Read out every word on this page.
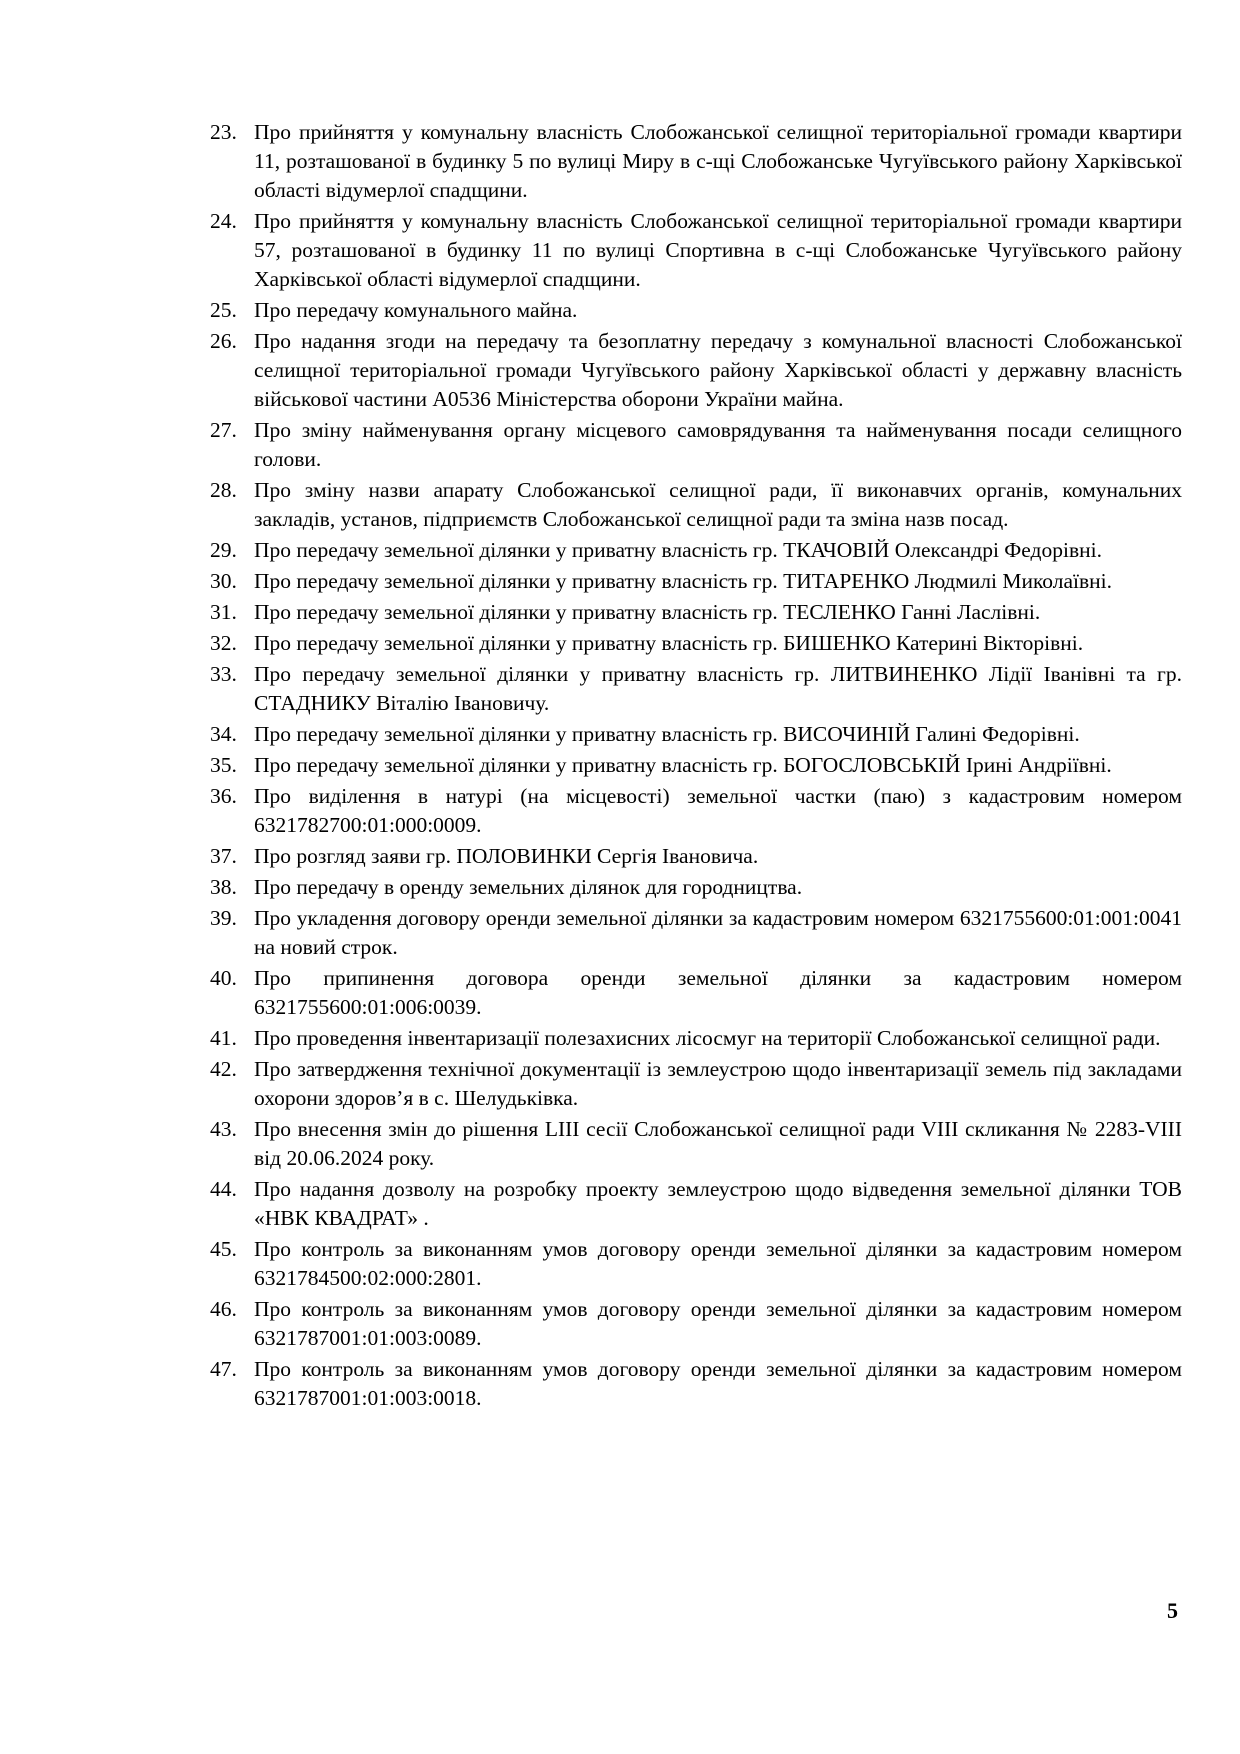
23. Про прийняття у комунальну власність Слобожанської селищної територіальної громади квартири 11, розташованої в будинку 5 по вулиці Миру в с-щі Слобожанське Чугуївського району Харківської області відумерлої спадщини.
24. Про прийняття у комунальну власність Слобожанської селищної територіальної громади квартири 57, розташованої в будинку 11 по вулиці Спортивна в с-щі Слобожанське Чугуївського району Харківської області відумерлої спадщини.
25. Про передачу комунального майна.
26. Про надання згоди на передачу та безоплатну передачу з комунальної власності Слобожанської селищної територіальної громади Чугуївського району Харківської області у державну власність військової частини А0536 Міністерства оборони України майна.
27. Про зміну найменування органу місцевого самоврядування та найменування посади селищного голови.
28. Про зміну назви апарату Слобожанської селищної ради, її виконавчих органів, комунальних закладів, установ, підприємств Слобожанської селищної ради та зміна назв посад.
29. Про передачу земельної ділянки у приватну власність гр. ТКАЧОВІЙ Олександрі Федорівні.
30. Про передачу земельної ділянки у приватну власність гр. ТИТАРЕНКО Людмилі Миколаївні.
31. Про передачу земельної ділянки у приватну власність гр. ТЕСЛЕНКО Ганні Ласлівні.
32. Про передачу земельної ділянки у приватну власність гр. БИШЕНКО Катерині Вікторівні.
33. Про передачу земельної ділянки у приватну власність гр. ЛИТВИНЕНКО Лідії Іванівні та гр. СТАДНИКУ Віталію Івановичу.
34. Про передачу земельної ділянки у приватну власність гр. ВИСОЧИНІЙ Галині Федорівні.
35. Про передачу земельної ділянки у приватну власність гр. БОГОСЛОВСЬКІЙ Ірині Андріївні.
36. Про виділення в натурі (на місцевості) земельної частки (паю) з кадастровим номером 6321782700:01:000:0009.
37. Про розгляд заяви гр. ПОЛОВИНКИ Сергія Івановича.
38. Про передачу в оренду земельних ділянок для городництва.
39. Про укладення договору оренди земельної ділянки за кадастровим номером 6321755600:01:001:0041 на новий строк.
40. Про припинення договора оренди земельної ділянки за кадастровим номером 6321755600:01:006:0039.
41. Про проведення інвентаризації полезахисних лісосмуг на території Слобожанської селищної ради.
42. Про затвердження технічної документації із землеустрою щодо інвентаризації земель під закладами охорони здоров’я в с. Шелудьківка.
43. Про внесення змін до рішення LIII сесії Слобожанської селищної ради VIII скликання № 2283-VIII від 20.06.2024 року.
44. Про надання дозволу на розробку проекту землеустрою щодо відведення земельної ділянки ТОВ «НВК КВАДРАТ» .
45. Про контроль за виконанням умов договору оренди земельної ділянки за кадастровим номером 6321784500:02:000:2801.
46. Про контроль за виконанням умов договору оренди земельної ділянки за кадастровим номером 6321787001:01:003:0089.
47. Про контроль за виконанням умов договору оренди земельної ділянки за кадастровим номером 6321787001:01:003:0018.
5
